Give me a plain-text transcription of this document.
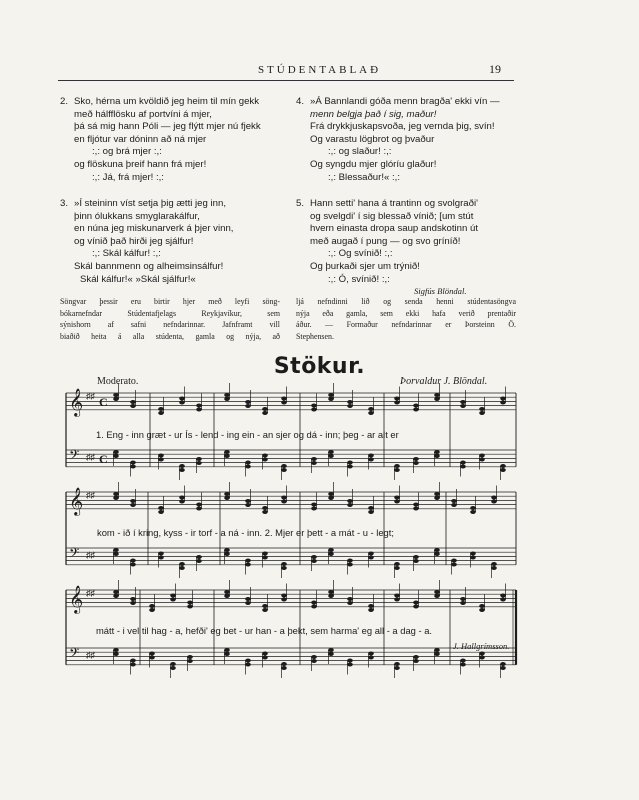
STÚDENTABLAÐ	19
2. Sko, hérna um kvöldið jeg heim til mín gekk
með hálfflösku af portvíni á mjer,
þá sá mig hann Póli — jeg flýtt mjer nú fjekk
en fljótur var dóninn að ná mjer
:,: og brá mjer :,:
og flöskuna þreif hann frá mjer!
:,: Já, frá mjer! :,:
3. »Í steininn víst setja þig ætti jeg inn,
þinn ólukkans smyglarakálfur,
en núna jeg miskunarverk á þjer vinn,
og vínið það hirði jeg sjálfur!
:,: Skál kálfur! :,:
Skál bannmenn og alheimsinsálfur!
Skál kálfur!« »Skál sjálfur!«
4. »Á Bannlandi góða menn bragða' ekki vín —
menn belgja það í sig, maður!
Frá drykkjuskapsvoða, jeg vernda þig, svín!
Og varastu lögbrot og þvaður
:,: og slaður! :,:
Og syngdu mjer glóríu glaður!
:,: Blessaður!« :,:
5. Hann setti' hana á trantinn og svolgraði'
og svelgdi' í sig blessað vínið; [um stút
hvern einasta dropa saup andskotinn út
með augað í pung — og svo gríníð!
:,: Og svínið! :,:
Og þurkaði sjer um trýnið!
:,: Ó, svínið! :,:
Sigfús Blöndal.
Söngvar þessir eru birtir hjer með leyfi söng-
bókarnefndar Stúdentafjelags Reykjavíkur, sem
sýnishorn af safni nefndarinnar. Jafnframt vill
biaðið heita á alla stúdenta, gamla og nýja, að
ljá nefndinni lið og senda henni stúdentasöngva
nýja eða gamla, sem ekki hafa verið prentaðir
áður. — Formaður nefndarinnar er Þorsteinn Ö.
Stephensen.
Stökur.
Moderato.	Þorvaldur J. Blöndal.
𝄞 ♯♯ C
𝄢 ♯♯ C
𝄞 ♯♯
𝄢 ♯♯
𝄞 ♯♯
𝄢 ♯♯
1. Eng - inn græt - ur Ís - lend - ing ein - an sjer og dá - inn; þeg - ar alt er
kom - ið í kring, kyss - ir torf - a ná - inn. 2. Mjer er þett - a mát - u - legt;
mátt - i vel til hag - a, hefði' eg bet - ur han - a þekt, sem harma' eg all - a dag - a.
J. Hallgrímsson.
